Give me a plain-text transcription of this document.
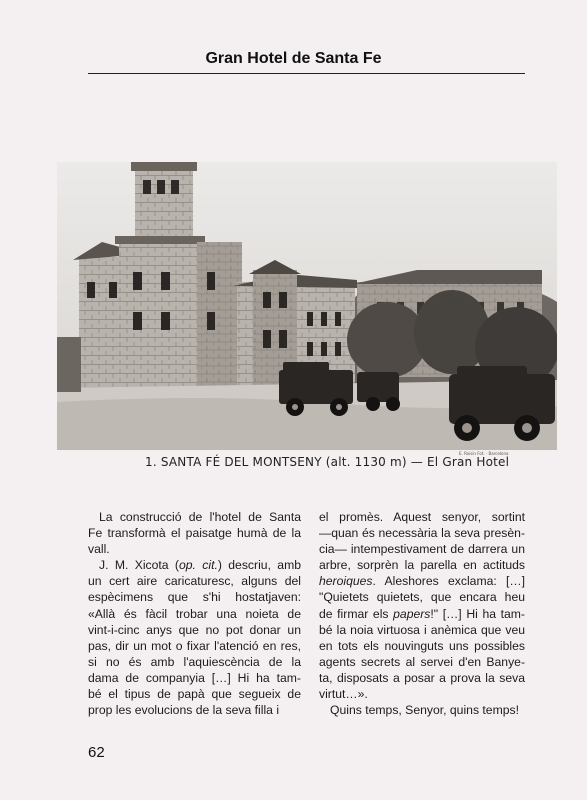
Gran Hotel de Santa Fe
1. SANTA FÉ DEL MONTSENY (alt. 1130 m) — El Gran Hotel
E. Roisin Fot. · Barcelona
La construcció de l'hotel de Santa
Fe transformà el paisatge humà de la
vall.
J. M. Xicota (op. cit.) descriu, amb
un cert aire caricaturesc, alguns del
espècimens que s'hi hostatjaven:
«Allà és fàcil trobar una noieta de
vint-i-cinc anys que no pot donar un
pas, dir un mot o fixar l'atenció en res,
si no és amb l'aquiescència de la
dama de companyia […] Hi ha tam-
bé el tipus de papà que segueix de
prop les evolucions de la seva filla i
el promès. Aquest senyor, sortint
—quan és necessària la seva presèn-
cia— intempestivament de darrera un
arbre, sorprèn la parella en actituds
heroiques. Aleshores exclama: […]
"Quietets quietets, que encara heu
de firmar els papers!" […] Hi ha tam-
bé la noia virtuosa i anèmica que veu
en tots els nouvinguts uns possibles
agents secrets al servei d'en Banye-
ta, disposats a posar a prova la seva
virtut…».
Quins temps, Senyor, quins temps!
62
